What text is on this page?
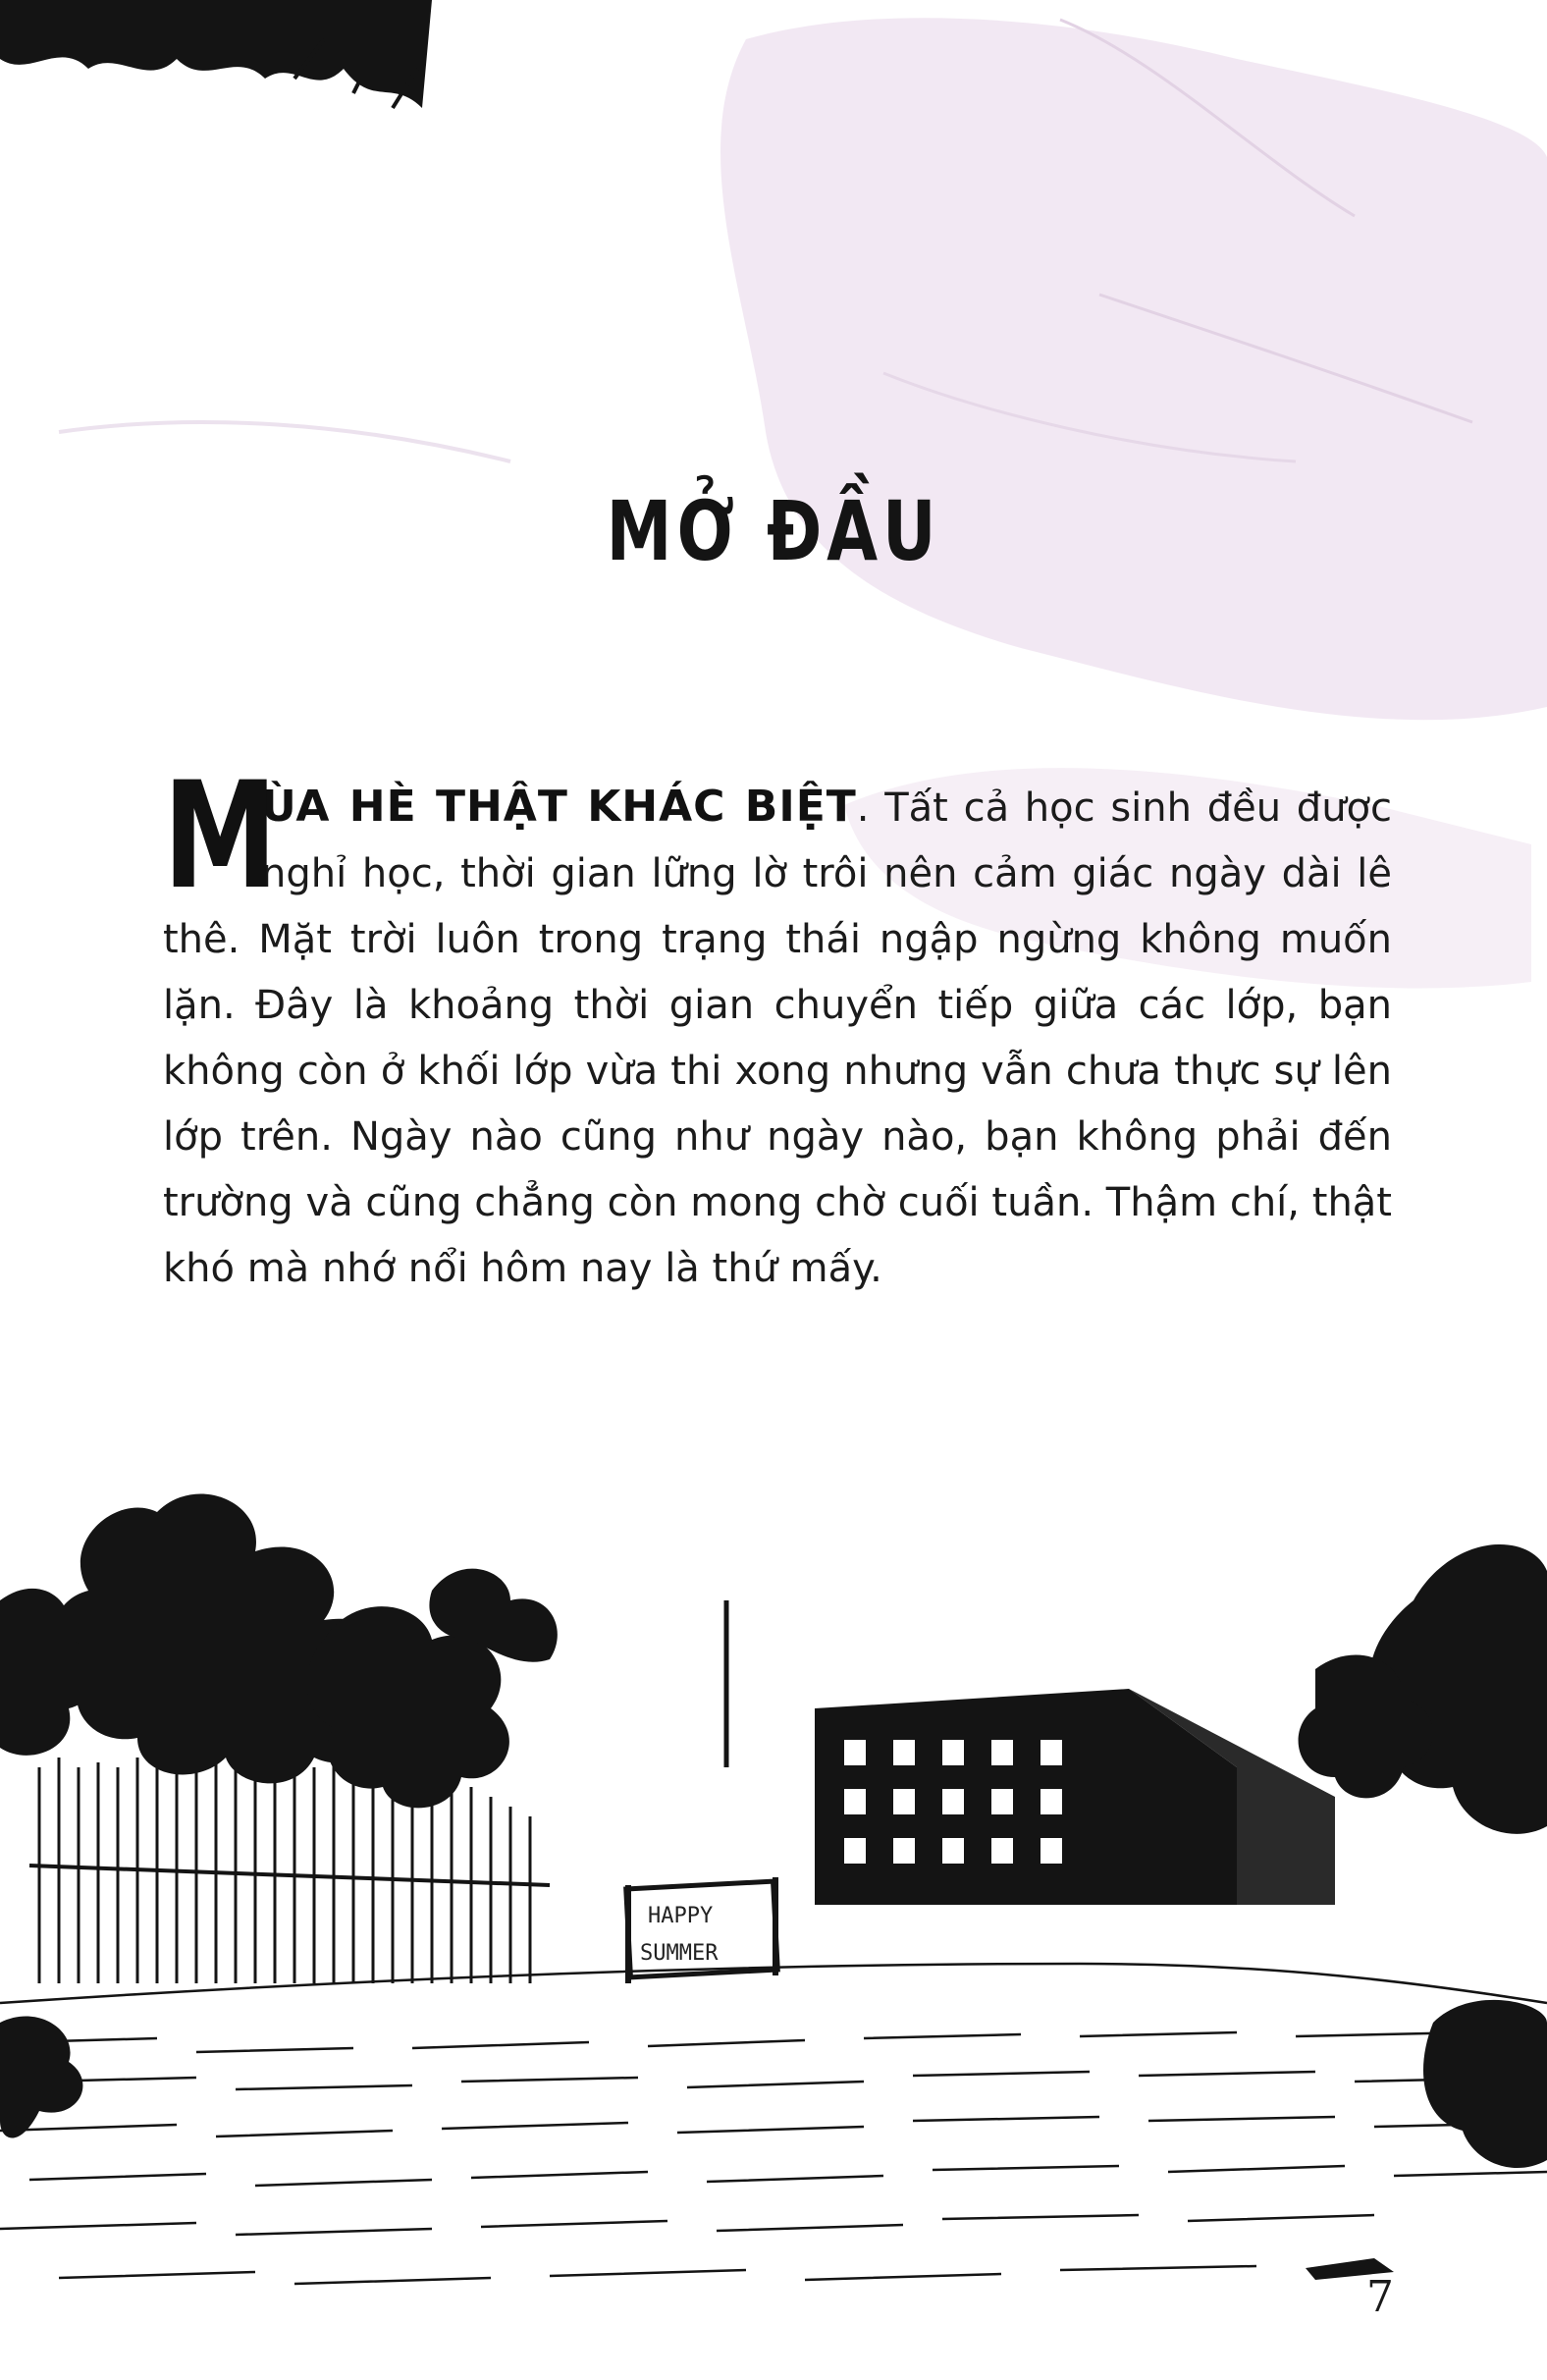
MỞ ĐẦU
M
ÙA HÈ THẬT KHÁC BIỆT. Tất cả học sinh đều được nghỉ học, thời gian lững lờ trôi nên cảm giác ngày dài lê thê. Mặt trời luôn trong trạng thái ngập ngừng không muốn lặn. Đây là khoảng thời gian chuyển tiếp giữa các lớp, bạn không còn ở khối lớp vừa thi xong nhưng vẫn chưa thực sự lên lớp trên. Ngày nào cũng như ngày nào, bạn không phải đến trường và cũng chẳng còn mong chờ cuối tuần. Thậm chí, thật khó mà nhớ nổi hôm nay là thứ mấy.
HAPPY
SUMMER
7
